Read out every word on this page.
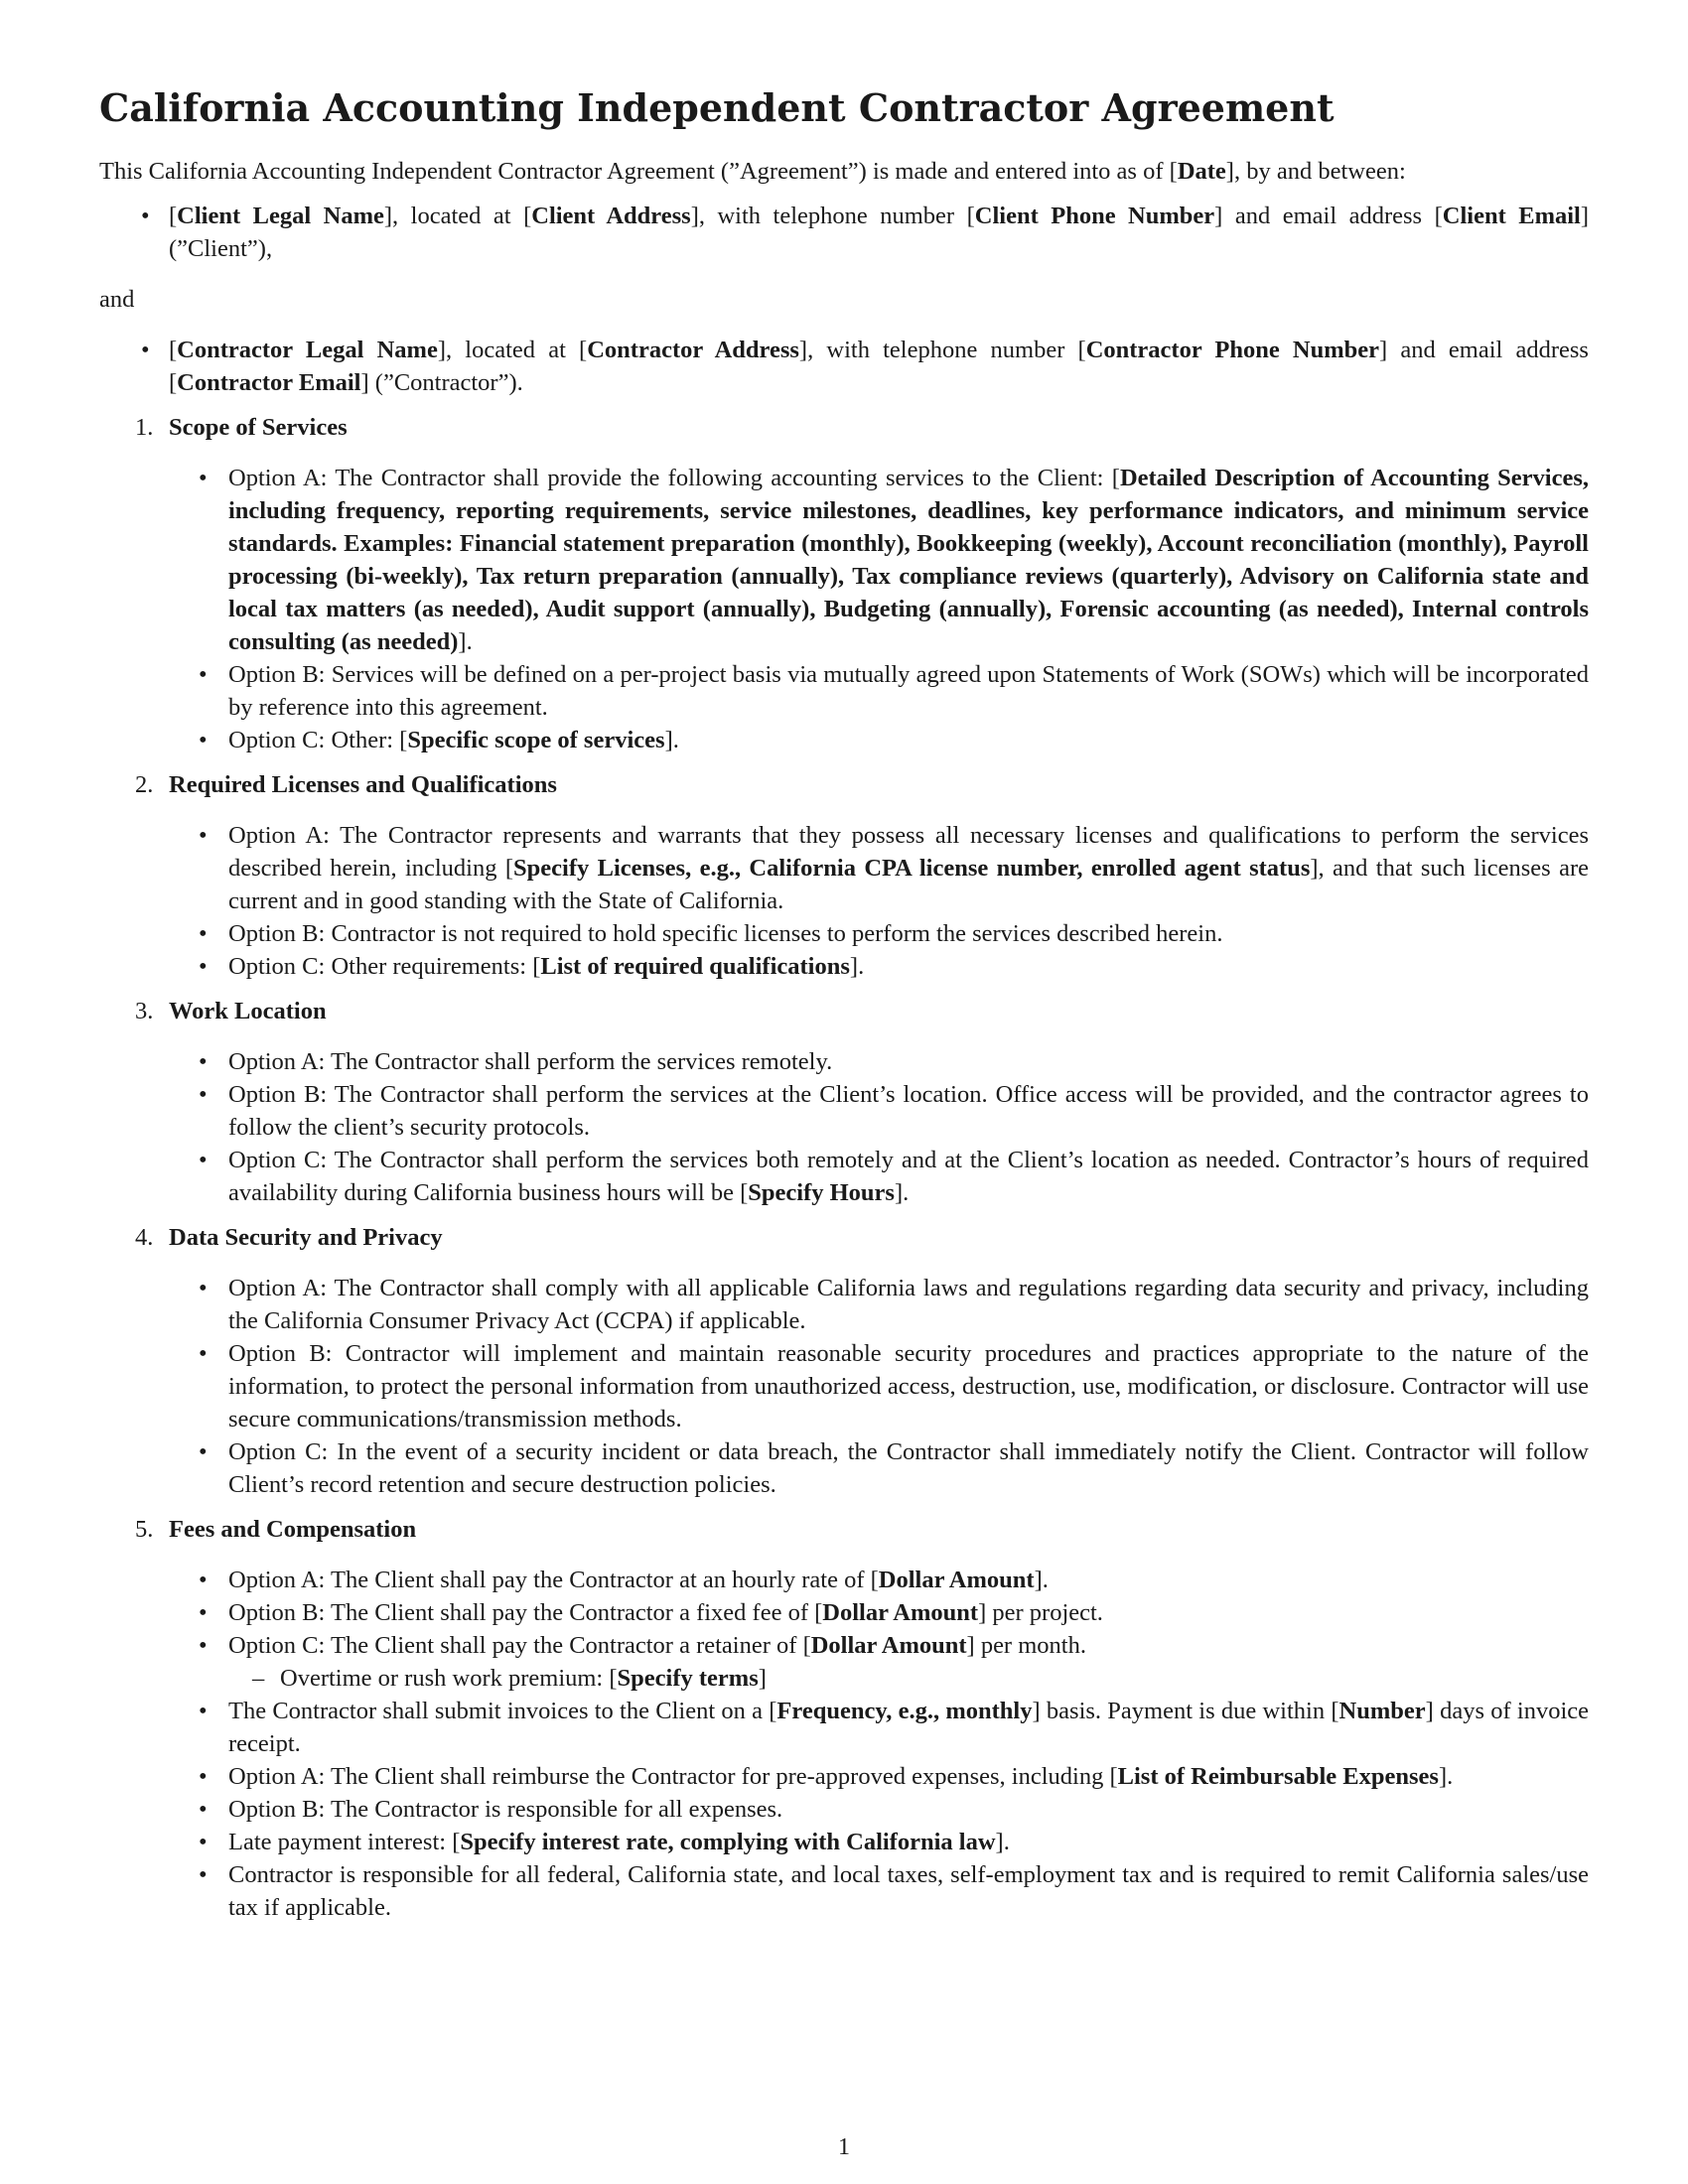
California Accounting Independent Contractor Agreement

This California Accounting Independent Contractor Agreement (”Agreement”) is made and entered into as of [Date], by and between:

• [Client Legal Name], located at [Client Address], with telephone number [Client Phone Number] and email address [Client Email] (”Client”),

and

• [Contractor Legal Name], located at [Contractor Address], with telephone number [Contractor Phone Number] and email address [Contractor Email] (”Contractor”).
1. Scope of Services
• Option A: The Contractor shall provide the following accounting services to the Client: [Detailed Description of Accounting Services, including frequency, reporting requirements, service milestones, deadlines, key performance indicators, and minimum service standards. Examples: Financial statement preparation (monthly), Bookkeeping (weekly), Account reconciliation (monthly), Payroll processing (bi-weekly), Tax return preparation (annually), Tax compliance reviews (quarterly), Advisory on California state and local tax matters (as needed), Audit support (annually), Budgeting (annually), Forensic accounting (as needed), Internal controls consulting (as needed)].
• Option B: Services will be defined on a per-project basis via mutually agreed upon Statements of Work (SOWs) which will be incorporated by reference into this agreement.
• Option C: Other: [Specific scope of services].
2. Required Licenses and Qualifications
• Option A: The Contractor represents and warrants that they possess all necessary licenses and qualifications to perform the services described herein, including [Specify Licenses, e.g., California CPA license number, enrolled agent status], and that such licenses are current and in good standing with the State of California.
• Option B: Contractor is not required to hold specific licenses to perform the services described herein.
• Option C: Other requirements: [List of required qualifications].
3. Work Location
• Option A: The Contractor shall perform the services remotely.
• Option B: The Contractor shall perform the services at the Client’s location. Office access will be provided, and the contractor agrees to follow the client’s security protocols.
• Option C: The Contractor shall perform the services both remotely and at the Client’s location as needed. Contractor’s hours of required availability during California business hours will be [Specify Hours].
4. Data Security and Privacy
• Option A: The Contractor shall comply with all applicable California laws and regulations regarding data security and privacy, including the California Consumer Privacy Act (CCPA) if applicable.
• Option B: Contractor will implement and maintain reasonable security procedures and practices appropriate to the nature of the information, to protect the personal information from unauthorized access, destruction, use, modification, or disclosure. Contractor will use secure communications/transmission methods.
• Option C: In the event of a security incident or data breach, the Contractor shall immediately notify the Client. Contractor will follow Client’s record retention and secure destruction policies.
5. Fees and Compensation
• Option A: The Client shall pay the Contractor at an hourly rate of [Dollar Amount].
• Option B: The Client shall pay the Contractor a fixed fee of [Dollar Amount] per project.
• Option C: The Client shall pay the Contractor a retainer of [Dollar Amount] per month.
– Overtime or rush work premium: [Specify terms]
• The Contractor shall submit invoices to the Client on a [Frequency, e.g., monthly] basis. Payment is due within [Number] days of invoice receipt.
• Option A: The Client shall reimburse the Contractor for pre-approved expenses, including [List of Reimbursable Expenses].
• Option B: The Contractor is responsible for all expenses.
• Late payment interest: [Specify interest rate, complying with California law].
• Contractor is responsible for all federal, California state, and local taxes, self-employment tax and is required to remit California sales/use tax if applicable.
1
